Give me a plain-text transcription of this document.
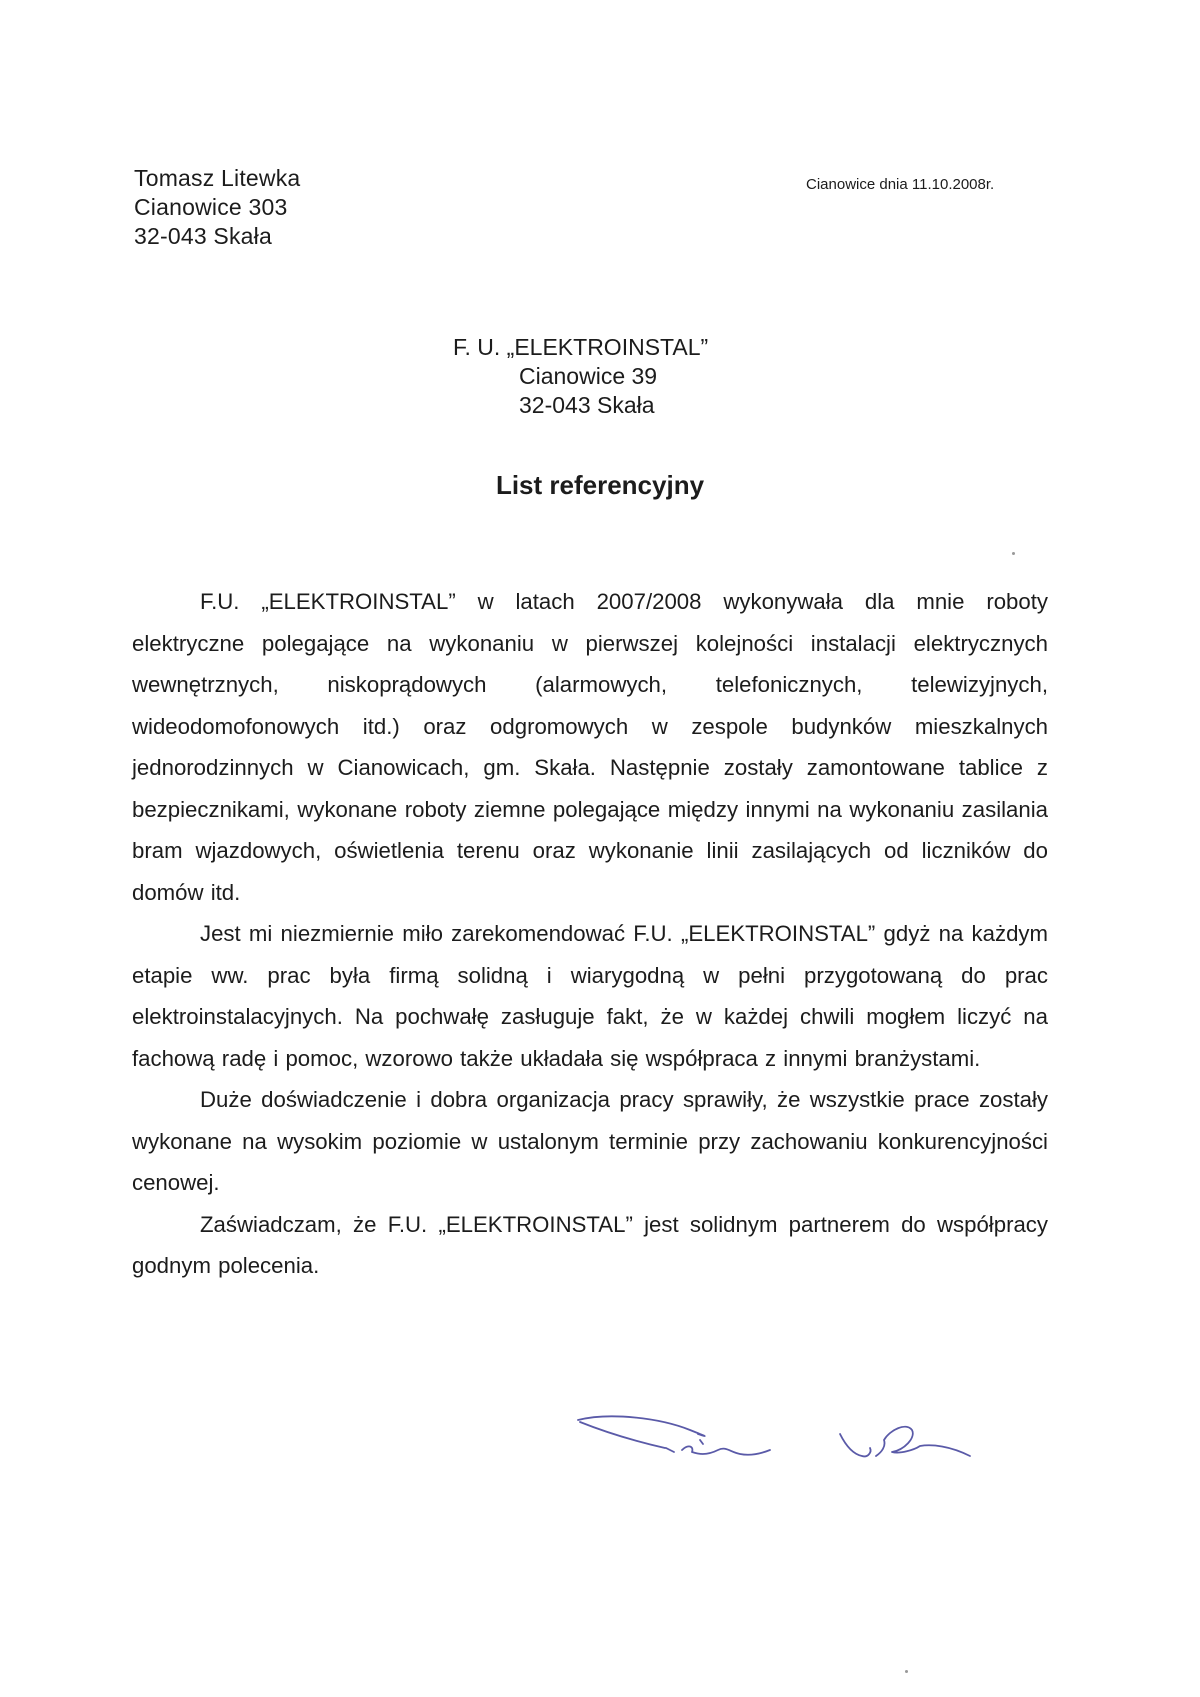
Tomasz Litewka
Cianowice 303
32-043 Skała
Cianowice dnia 11.10.2008r.
F. U. „ELEKTROINSTAL”
Cianowice 39
32-043 Skała
List referencyjny

F.U. „ELEKTROINSTAL” w latach 2007/2008 wykonywała dla mnie roboty elektryczne polegające na wykonaniu w pierwszej kolejności instalacji elektrycznych wewnętrznych, niskoprądowych (alarmowych, telefonicznych, telewizyjnych, wideodomofonowych itd.) oraz odgromowych w zespole budynków mieszkalnych jednorodzinnych w Cianowicach, gm. Skała. Następnie zostały zamontowane tablice z bezpiecznikami, wykonane roboty ziemne polegające między innymi na wykonaniu zasilania bram wjazdowych, oświetlenia terenu oraz wykonanie linii zasilających od liczników do domów itd.

Jest mi niezmiernie miło zarekomendować F.U. „ELEKTROINSTAL” gdyż na każdym etapie ww. prac była firmą solidną i wiarygodną w pełni przygotowaną do prac elektroinstalacyjnych. Na pochwałę zasługuje fakt, że w każdej chwili mogłem liczyć na fachową radę i pomoc, wzorowo także układała się współpraca z innymi branżystami.

Duże doświadczenie i dobra organizacja pracy sprawiły, że wszystkie prace zostały wykonane na wysokim poziomie w ustalonym terminie przy zachowaniu konkurencyjności cenowej.

Zaświadczam, że F.U. „ELEKTROINSTAL” jest solidnym partnerem do współpracy godnym polecenia.
